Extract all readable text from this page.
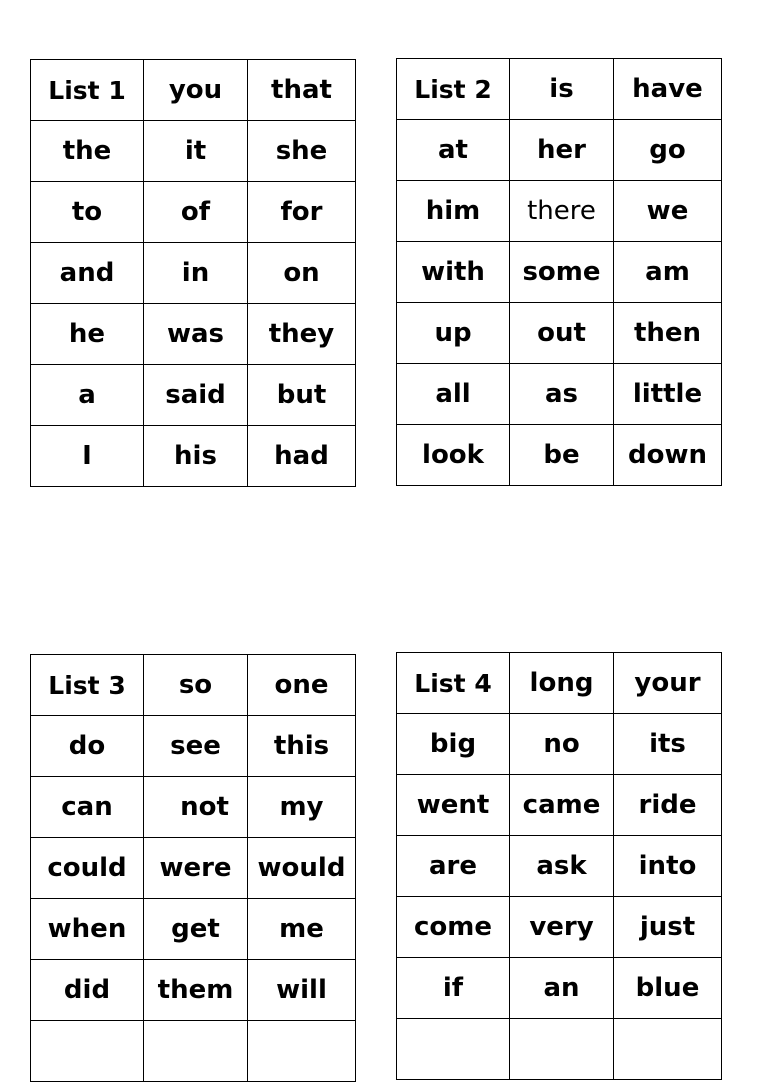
List 1	you	that
the	it	she
to	of	for
and	in	on
he	was	they
a	said	but
I	his	had
List 2	is	have
at	her	go
him	there	we
with	some	am
up	out	then
all	as	little
look	be	down
List 3	so	one
do	see	this
can	not	my
could	were	would
when	get	me
did	them	will

List 4	long	your
big	no	its
went	came	ride
are	ask	into
come	very	just
if	an	blue
